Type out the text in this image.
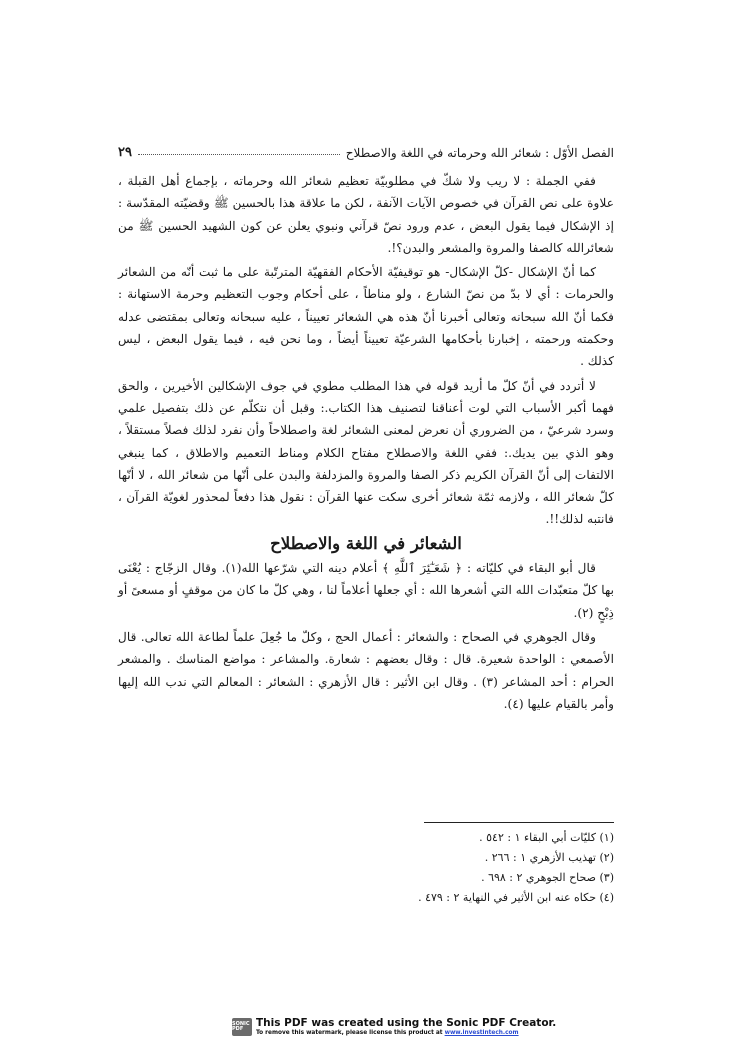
الفصل الأوّل : شعائر الله وحرماته في اللغة والاصطلاح
٢٩

ففي الجملة : لا ريب ولا شكّ في مطلوبيّة تعظيم شعائر الله وحرماته ، بإجماع أهل القبلة ، علاوة على نص القرآن في خصوص الآيات الآنفة ، لكن ما علاقة هذا بالحسين ﷺ وقضيّته المقدّسة : إذ الإشكال فيما يقول البعض ، عدم ورود نصّ قرآني ونبوي يعلن عن كون الشهيد الحسين ﷺ من شعائرالله كالصفا والمروة والمشعر والبدن؟!.

كما أنّ الإشكال -كلّ الإشكال- هو توقيفيّة الأحكام الفقهيّة المترتّبة على ما ثبت أنّه من الشعائر والحرمات : أي لا بدّ من نصّ الشارع ، ولو مناطاً ، على أحكام وجوب التعظيم وحرمة الاستهانة : فكما أنّ الله سبحانه وتعالى أخبرنا أنّ هذه هي الشعائر تعييناً ، عليه سبحانه وتعالى بمقتضى عدله وحكمته ورحمته ، إخبارنا بأحكامها الشرعيّة تعييناً أيضاً ، وما نحن فيه ، فيما يقول البعض ، ليس كذلك .

لا أتردد في أنّ كلّ ما أريد قوله في هذا المطلب مطوي في جوف الإشكالين الأخيرين ، والحق فهما أكبر الأسباب التي لوت أعناقنا لتصنيف هذا الكتاب.: وقبل أن نتكلّم عن ذلك بتفصيل علمي وسرد شرعيّ ، من الضروري أن نعرض لمعنى الشعائر لغة واصطلاحاً وأن نفرد لذلك فصلاً مستقلاً ، وهو الذي بين يديك.: ففي اللغة والاصطلاح مفتاح الكلام ومناط التعميم والاطلاق ، كما ينبغي الالتفات إلى أنّ القرآن الكريم ذكر الصفا والمروة والمزدلفة والبدن على أنّها من شعائر الله ، لا أنّها كلّ شعائر الله ، ولازمه ثمّة شعائر أخرى سكت عنها القرآن : نقول هذا دفعاً لمحذور لغويّة القرآن ، فانتبه لذلك!!.

الشعائر في اللغة والاصطلاح

قال أبو البقاء في كليّاته : ﴿ شَعَـٰٓئِرَ ٱللَّهِ ﴾ أعلام دينه التي شرّعها الله(١). وقال الزجّاج : يُعْنَى بها كلّ متعبّدات الله التي أشعرها الله : أي جعلها أعلاماً لنا ، وهي كلّ ما كان من موقفٍ أو مسعىً أو ذِبْحٍ (٢).

وقال الجوهري في الصحاح : والشعائر : أعمال الحج ، وكلّ ما جُعِلَ علماً لطاعة الله تعالى. قال الأصمعي : الواحدة شعيرة. قال : وقال بعضهم : شعارة. والمشاعر : مواضع المناسك . والمشعر الحرام : أحد المشاعر (٣) . وقال ابن الأثير : قال الأزهري : الشعائر : المعالم التي ندب الله إليها وأمر بالقيام عليها (٤).

(١) كليّات أبي البقاء ١ : ٥٤٢ .
(٢) تهذيب الأزهري ١ : ٢٦٦ .
(٣) صحاح الجوهري ٢ : ٦٩٨ .
(٤) حكاه عنه ابن الأثير في النهاية ٢ : ٤٧٩ .
SONIC PDF	This PDF was created using the Sonic PDF Creator.
To remove this watermark, please license this product at www.investintech.com
